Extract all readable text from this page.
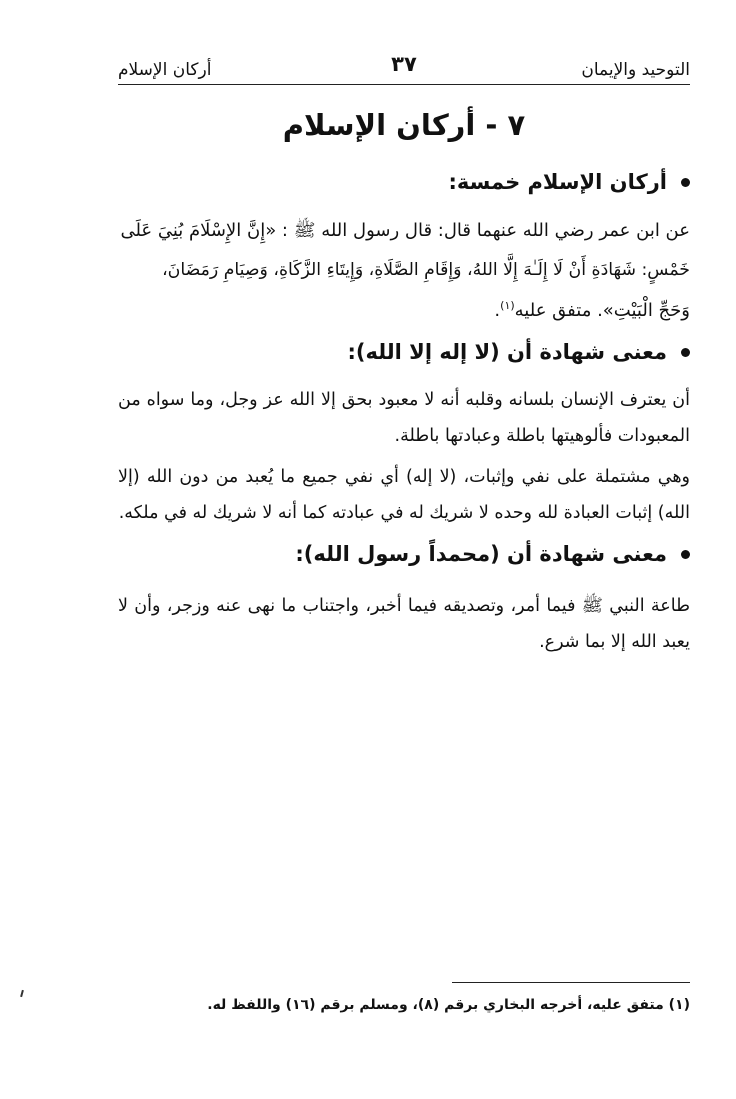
التوحيد والإيمان
٣٧
أركان الإسلام
٧ - أركان الإسلام
أركان الإسلام خمسة:
عن ابن عمر رضي الله عنهما قال: قال رسول الله ﷺ : «إِنَّ الإِسْلَامَ بُنِيَ عَلَى
خَمْسٍ: شَهَادَةِ أَنْ لَا إِلَـٰهَ إِلَّا اللهُ، وَإِقَامِ الصَّلَاةِ، وَإِيتَاءِ الزَّكَاةِ، وَصِيَامِ رَمَضَانَ،
وَحَجِّ الْبَيْتِ». متفق عليه$^{(١)}$.
معنى شهادة أن (لا إله إلا الله):
أن يعترف الإنسان بلسانه وقلبه أنه لا معبود بحق إلا الله عز وجل، وما سواه من المعبودات فألوهيتها باطلة وعبادتها باطلة.
وهي مشتملة على نفي وإثبات، (لا إله) أي نفي جميع ما يُعبد من دون الله (إلا الله) إثبات العبادة لله وحده لا شريك له في عبادته كما أنه لا شريك له في ملكه.
معنى شهادة أن (محمداً رسول الله):
طاعة النبي ﷺ فيما أمر، وتصديقه فيما أخبر، واجتناب ما نهى عنه وزجر، وأن لا يعبد الله إلا بما شرع.
(١) متفق عليه، أخرجه البخاري برقم (٨)، ومسلم برقم (١٦) واللفظ له.
